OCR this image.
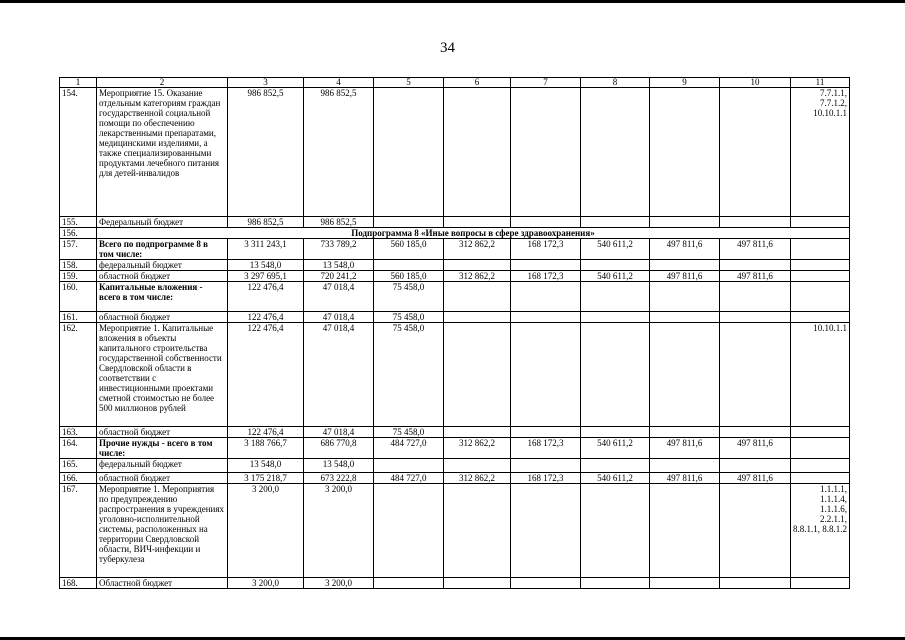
34
1	2	3	4	5	6	7	8	9	10	11
154.	Мероприятие 15. Оказание отдельным категориям граждан государственной социальной помощи по обеспечению лекарственными препаратами, медицинскими изделиями, а также специализированными продуктами лечебного питания для детей-инвалидов	986 852,5	986 852,5							7.7.1.1, 7.7.1.2, 10.10.1.1
155.	Федеральный бюджет	986 852,5	986 852,5							
156.	Подпрограмма 8 «Иные вопросы в сфере здравоохранения»									
157.	Всего по подпрограмме 8 в том числе:	3 311 243,1	733 789,2	560 185,0	312 862,2	168 172,3	540 611,2	497 811,6	497 811,6	
158.	федеральный бюджет	13 548,0	13 548,0							
159.	областной бюджет	3 297 695,1	720 241,2	560 185,0	312 862,2	168 172,3	540 611,2	497 811,6	497 811,6	
160.	Капитальные вложения - всего в том числе:	122 476,4	47 018,4	75 458,0						
161.	областной бюджет	122 476,4	47 018,4	75 458,0						
162.	Мероприятие 1. Капитальные вложения в объекты капитального строительства государственной собственности Свердловской области в соответствии с инвестиционными проектами сметной стоимостью не более 500 миллионов рублей	122 476,4	47 018,4	75 458,0						10.10.1.1
163.	областной бюджет	122 476,4	47 018,4	75 458,0						
164.	Прочие нужды - всего в том числе:	3 188 766,7	686 770,8	484 727,0	312 862,2	168 172,3	540 611,2	497 811,6	497 811,6	
165.	федеральный бюджет	13 548,0	13 548,0							
166.	областной бюджет	3 175 218,7	673 222,8	484 727,0	312 862,2	168 172,3	540 611,2	497 811,6	497 811,6	
167.	Мероприятие 1. Мероприятия по предупреждению распространения в учреждениях уголовно-исполнительной системы, расположенных на территории Свердловской области, ВИЧ-инфекции и туберкулеза	3 200,0	3 200,0							1.1.1.1, 1.1.1.4, 1.1.1.6, 2.2.1.1, 8.8.1.1, 8.8.1.2
168.	Областной бюджет	3 200,0	3 200,0							
